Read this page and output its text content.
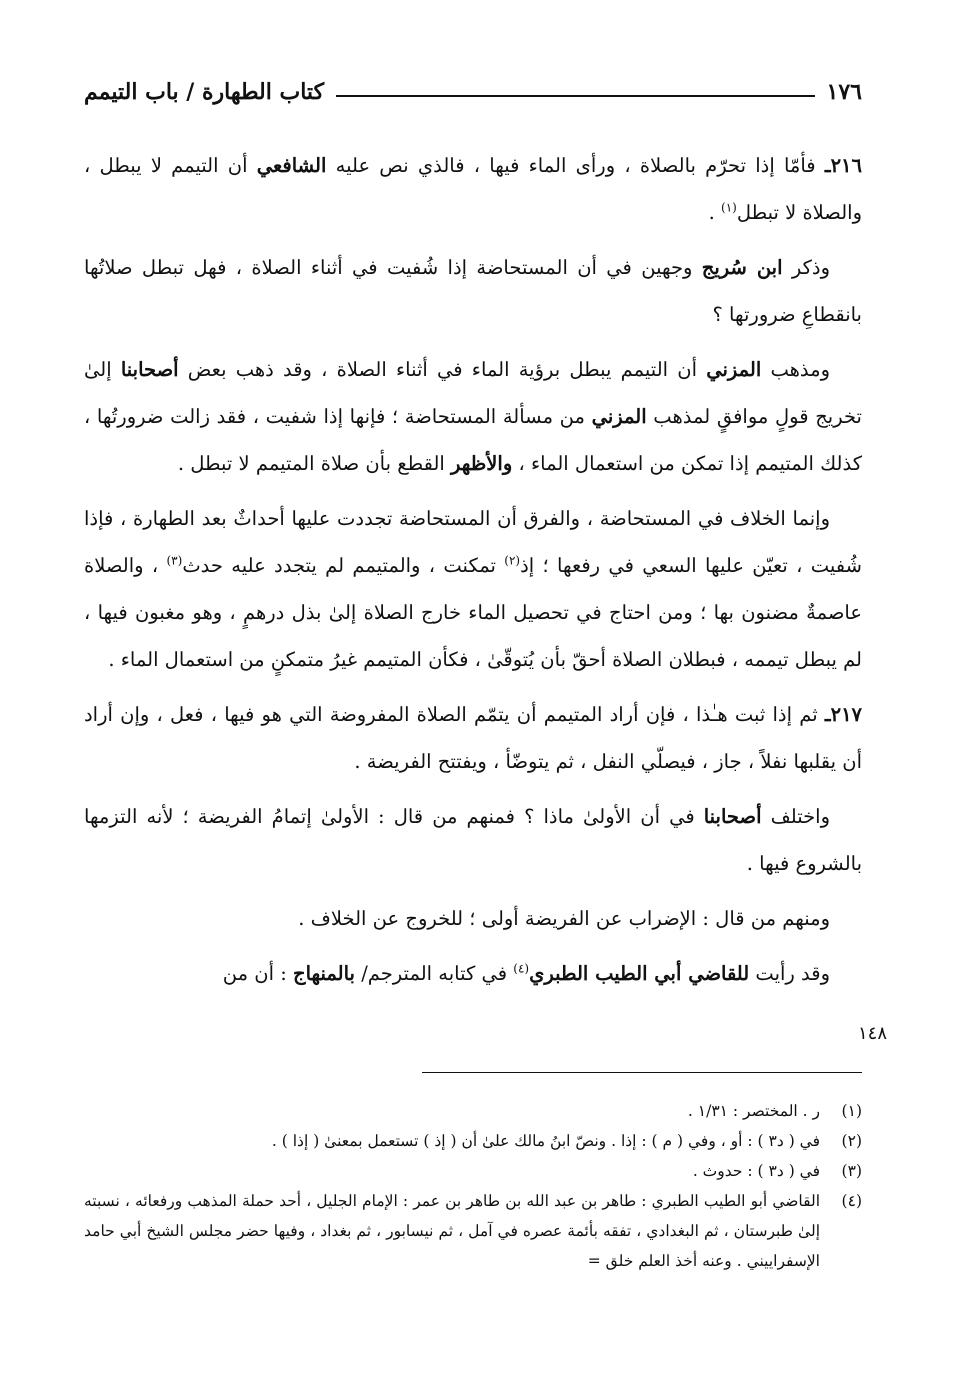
كتاب الطهارة / باب التيمم	١٧٦

٢١٦ـ فأمّا إذا تحرّم بالصلاة ، ورأى الماء فيها ، فالذي نص عليه الشافعي أن التيمم لا يبطل ، والصلاة لا تبطل$^{(١)}$ .

وذكر ابن سُريج وجهين في أن المستحاضة إذا شُفيت في أثناء الصلاة ، فهل تبطل صلاتُها بانقطاعِ ضرورتها ؟

ومذهب المزني أن التيمم يبطل برؤية الماء في أثناء الصلاة ، وقد ذهب بعض أصحابنا إلىٰ تخريج قولٍ موافقٍ لمذهب المزني من مسألة المستحاضة ؛ فإنها إذا شفيت ، فقد زالت ضرورتُها ، كذلك المتيمم إذا تمكن من استعمال الماء ، والأظهر القطع بأن صلاة المتيمم لا تبطل .

وإنما الخلاف في المستحاضة ، والفرق أن المستحاضة تجددت عليها أحداثٌ بعد الطهارة ، فإذا شُفيت ، تعيّن عليها السعي في رفعها ؛ إذ$^{(٢)}$ تمكنت ، والمتيمم لم يتجدد عليه حدث$^{(٣)}$ ، والصلاة عاصمةٌ مضنون بها ؛ ومن احتاج في تحصيل الماء خارج الصلاة إلىٰ بذل درهمٍ ، وهو مغبون فيها ، لم يبطل تيممه ، فبطلان الصلاة أحقّ بأن يُتوقّىٰ ، فكأن المتيمم غيرُ متمكنٍ من استعمال الماء .

٢١٧ـ ثم إذا ثبت هـٰذا ، فإن أراد المتيمم أن يتمّم الصلاة المفروضة التي هو فيها ، فعل ، وإن أراد أن يقلبها نفلاً ، جاز ، فيصلّي النفل ، ثم يتوضّأ ، ويفتتح الفريضة .

واختلف أصحابنا في أن الأولىٰ ماذا ؟ فمنهم من قال : الأولىٰ إتمامُ الفريضة ؛ لأنه التزمها بالشروع فيها .

ومنهم من قال : الإضراب عن الفريضة أولى ؛ للخروج عن الخلاف .

وقد رأيت للقاضي أبي الطيب الطبري$^{(٤)}$ في كتابه المترجم/ بالمنهاج : أن من

١٤٨

(١)
ر . المختصر : ١/٣١ .

(٢)
في ( د٣ ) : أو ، وفي ( م ) : إذا . ونصّ ابنُ مالك علىٰ أن ( إذ ) تستعمل بمعنىٰ ( إذا ) .

(٣)
في ( د٣ ) : حدوث .

(٤)
القاضي أبو الطيب الطبري : طاهر بن عبد الله بن طاهر بن عمر : الإمام الجليل ، أحد حملة المذهب ورفعائه ، نسبته إلىٰ طبرستان ، ثم البغدادي ، تفقه بأئمة عصره في آمل ، ثم نيسابور ، ثم بغداد ، وفيها حضر مجلس الشيخ أبي حامد الإسفراييني . وعنه أخذ العلم خلق =
